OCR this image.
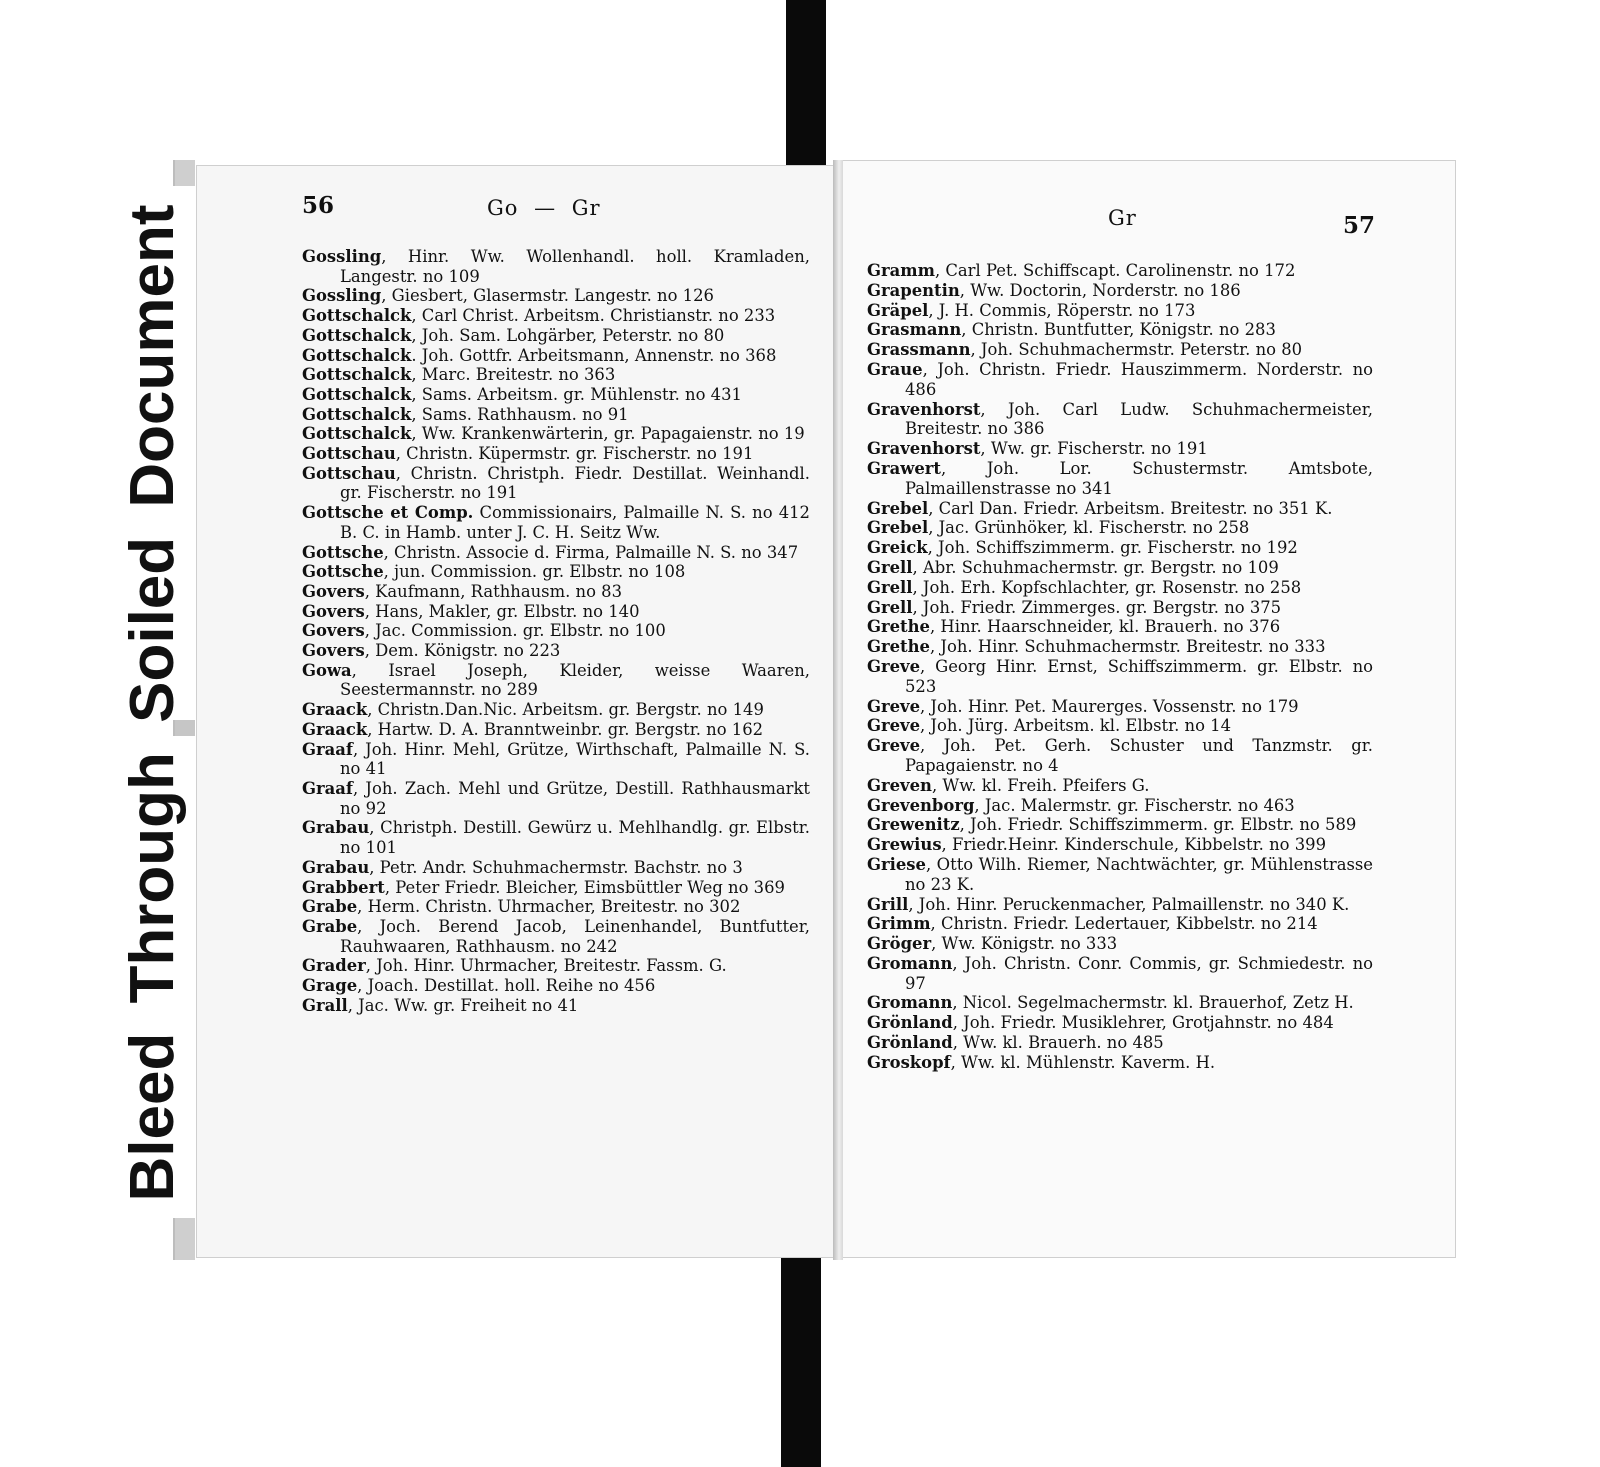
Bleed Through Soiled Document	56	Go — Gr
Gossling, Hinr. Ww. Wollenhandl. holl. Kramladen, Langestr. no 109
Gossling, Giesbert, Glasermstr. Langestr. no 126
Gottschalck, Carl Christ. Arbeitsm. Christianstr. no 233
Gottschalck, Joh. Sam. Lohgärber, Peterstr. no 80
Gottschalck. Joh. Gottfr. Arbeitsmann, Annenstr. no 368
Gottschalck, Marc. Breitestr. no 363
Gottschalck, Sams. Arbeitsm. gr. Mühlenstr. no 431
Gottschalck, Sams. Rathhausm. no 91
Gottschalck, Ww. Krankenwärterin, gr. Papagaienstr. no 19
Gottschau, Christn. Küpermstr. gr. Fischerstr. no 191
Gottschau, Christn. Christph. Fiedr. Destillat. Weinhandl. gr. Fischerstr. no 191
Gottsche et Comp. Commissionairs, Palmaille N. S. no 412 B. C. in Hamb. unter J. C. H. Seitz Ww.
Gottsche, Christn. Associe d. Firma, Palmaille N. S. no 347
Gottsche, jun. Commission. gr. Elbstr. no 108
Govers, Kaufmann, Rathhausm. no 83
Govers, Hans, Makler, gr. Elbstr. no 140
Govers, Jac. Commission. gr. Elbstr. no 100
Govers, Dem. Königstr. no 223
Gowa, Israel Joseph, Kleider, weisse Waaren, Seestermannstr. no 289
Graack, Christn.Dan.Nic. Arbeitsm. gr. Bergstr. no 149
Graack, Hartw. D. A. Branntweinbr. gr. Bergstr. no 162
Graaf, Joh. Hinr. Mehl, Grütze, Wirthschaft, Palmaille N. S. no 41
Graaf, Joh. Zach. Mehl und Grütze, Destill. Rathhausmarkt no 92
Grabau, Christph. Destill. Gewürz u. Mehlhandlg. gr. Elbstr. no 101
Grabau, Petr. Andr. Schuhmachermstr. Bachstr. no 3
Grabbert, Peter Friedr. Bleicher, Eimsbüttler Weg no 369
Grabe, Herm. Christn. Uhrmacher, Breitestr. no 302
Grabe, Joch. Berend Jacob, Leinenhandel, Buntfutter, Rauhwaaren, Rathhausm. no 242
Grader, Joh. Hinr. Uhrmacher, Breitestr. Fassm. G.
Grage, Joach. Destillat. holl. Reihe no 456
Grall, Jac. Ww. gr. Freiheit no 41
Gr	57
Gramm, Carl Pet. Schiffscapt. Carolinenstr. no 172
Grapentin, Ww. Doctorin, Norderstr. no 186
Gräpel, J. H. Commis, Röperstr. no 173
Grasmann, Christn. Buntfutter, Königstr. no 283
Grassmann, Joh. Schuhmachermstr. Peterstr. no 80
Graue, Joh. Christn. Friedr. Hauszimmerm. Norderstr. no 486
Gravenhorst, Joh. Carl Ludw. Schuhmachermeister, Breitestr. no 386
Gravenhorst, Ww. gr. Fischerstr. no 191
Grawert, Joh. Lor. Schustermstr. Amtsbote, Palmaillenstrasse no 341
Grebel, Carl Dan. Friedr. Arbeitsm. Breitestr. no 351 K.
Grebel, Jac. Grünhöker, kl. Fischerstr. no 258
Greick, Joh. Schiffszimmerm. gr. Fischerstr. no 192
Grell, Abr. Schuhmachermstr. gr. Bergstr. no 109
Grell, Joh. Erh. Kopfschlachter, gr. Rosenstr. no 258
Grell, Joh. Friedr. Zimmerges. gr. Bergstr. no 375
Grethe, Hinr. Haarschneider, kl. Brauerh. no 376
Grethe, Joh. Hinr. Schuhmachermstr. Breitestr. no 333
Greve, Georg Hinr. Ernst, Schiffszimmerm. gr. Elbstr. no 523
Greve, Joh. Hinr. Pet. Maurerges. Vossenstr. no 179
Greve, Joh. Jürg. Arbeitsm. kl. Elbstr. no 14
Greve, Joh. Pet. Gerh. Schuster und Tanzmstr. gr. Papagaienstr. no 4
Greven, Ww. kl. Freih. Pfeifers G.
Grevenborg, Jac. Malermstr. gr. Fischerstr. no 463
Grewenitz, Joh. Friedr. Schiffszimmerm. gr. Elbstr. no 589
Grewius, Friedr.Heinr. Kinderschule, Kibbelstr. no 399
Griese, Otto Wilh. Riemer, Nachtwächter, gr. Mühlenstrasse no 23 K.
Grill, Joh. Hinr. Peruckenmacher, Palmaillenstr. no 340 K.
Grimm, Christn. Friedr. Ledertauer, Kibbelstr. no 214
Gröger, Ww. Königstr. no 333
Gromann, Joh. Christn. Conr. Commis, gr. Schmiedestr. no 97
Gromann, Nicol. Segelmachermstr. kl. Brauerhof, Zetz H.
Grönland, Joh. Friedr. Musiklehrer, Grotjahnstr. no 484
Grönland, Ww. kl. Brauerh. no 485
Groskopf, Ww. kl. Mühlenstr. Kaverm. H.
